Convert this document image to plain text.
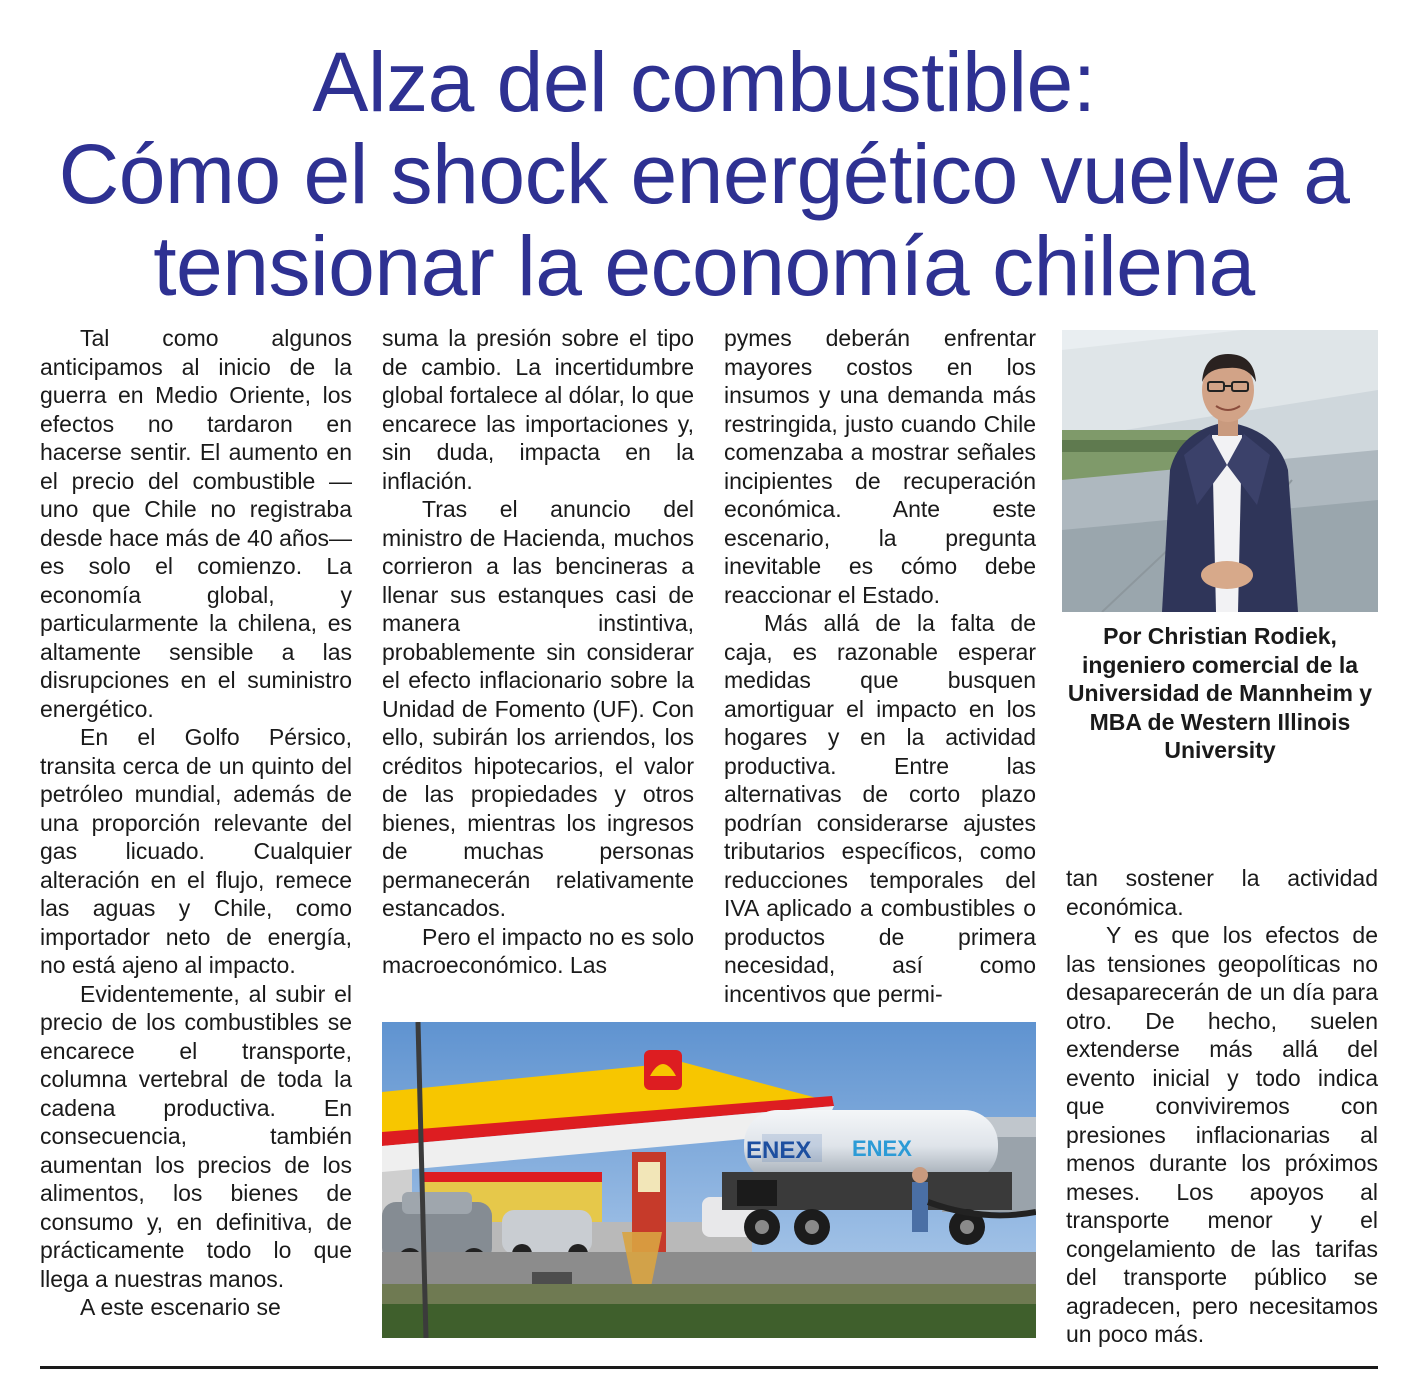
Alza del combustible:
Cómo el shock energético vuelve a
tensionar la economía chilena

Tal como algunos anticipamos al inicio de la guerra en Medio Oriente, los efectos no tardaron en hacerse sentir. El aumento en el precio del combustible —uno que Chile no registraba desde hace más de 40 años— es solo el comienzo. La economía global, y particularmente la chilena, es altamente sensible a las disrupciones en el suministro energético.

En el Golfo Pérsico, transita cerca de un quinto del petróleo mundial, además de una proporción relevante del gas licuado. Cualquier alteración en el flujo, remece las aguas y Chile, como importador neto de energía, no está ajeno al impacto.

Evidentemente, al subir el precio de los combustibles se encarece el transporte, columna vertebral de toda la cadena productiva. En consecuencia, también aumentan los precios de los alimentos, los bienes de consumo y, en definitiva, de prácticamente todo lo que llega a nuestras manos.

A este escenario se

suma la presión sobre el tipo de cambio. La incertidumbre global fortalece al dólar, lo que encarece las importaciones y, sin duda, impacta en la inflación.

Tras el anuncio del ministro de Hacienda, muchos corrieron a las bencineras a llenar sus estanques casi de manera instintiva, probablemente sin considerar el efecto inflacionario sobre la Unidad de Fomento (UF). Con ello, subirán los arriendos, los créditos hipotecarios, el valor de las propiedades y otros bienes, mientras los ingresos de muchas personas permanecerán relativamente estancados.

Pero el impacto no es solo macroeconómico. Las

pymes deberán enfrentar mayores costos en los insumos y una demanda más restringida, justo cuando Chile comenzaba a mostrar señales incipientes de recuperación económica. Ante este escenario, la pregunta inevitable es cómo debe reaccionar el Estado.

Más allá de la falta de caja, es razonable esperar medidas que busquen amortiguar el impacto en los hogares y en la actividad productiva. Entre las alternativas de corto plazo podrían considerarse ajustes tributarios específicos, como reducciones temporales del IVA aplicado a combustibles o productos de primera necesidad, así como incentivos que permi-

Por Christian Rodiek, ingeniero comercial de la Universidad de Mannheim y MBA de Western Illinois University

tan sostener la actividad económica.

Y es que los efectos de las tensiones geopolíticas no desaparecerán de un día para otro. De hecho, suelen extenderse más allá del evento inicial y todo indica que conviviremos con presiones inflacionarias al menos durante los próximos meses. Los apoyos al transporte menor y el congelamiento de las tarifas del transporte público se agradecen, pero necesitamos un poco más.

ENEX ENEX
